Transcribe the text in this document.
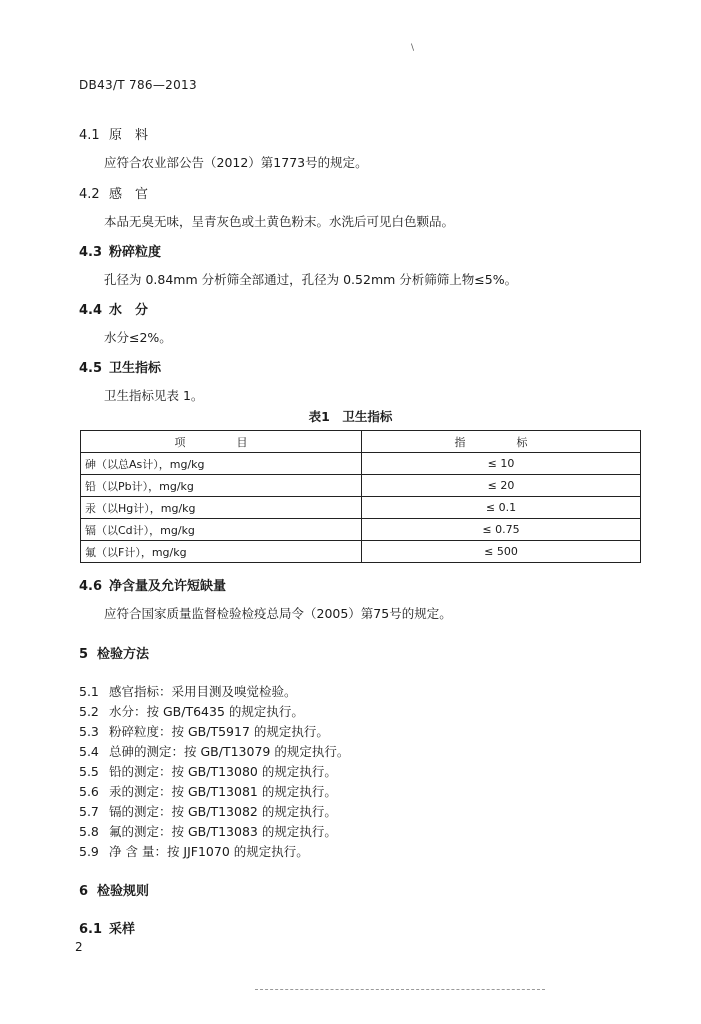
\
DB43/T 786—2013
4.1 原　料
应符合农业部公告（2012）第1773号的规定。
4.2 感　官
本品无臭无味，呈青灰色或土黄色粉末。水洗后可见白色颗品。
4.3 粉碎粒度
孔径为 0.84mm 分析筛全部通过，孔径为 0.52mm 分析筛筛上物≤5%。
4.4 水　分
水分≤2%。
4.5 卫生指标
卫生指标见表 1。
表1　卫生指标
项　目	指　标
砷（以总As计），mg/kg	≤ 10
铅（以Pb计），mg/kg	≤ 20
汞（以Hg计），mg/kg	≤ 0.1
镉（以Cd计），mg/kg	≤ 0.75
氟（以F计），mg/kg	≤ 500
4.6 净含量及允许短缺量
应符合国家质量监督检验检疫总局令（2005）第75号的规定。
5 检验方法
5.1 感官指标：采用目测及嗅觉检验。
5.2 水分：按 GB/T6435 的规定执行。
5.3 粉碎粒度：按 GB/T5917 的规定执行。
5.4 总砷的测定：按 GB/T13079 的规定执行。
5.5 铅的测定：按 GB/T13080 的规定执行。
5.6 汞的测定：按 GB/T13081 的规定执行。
5.7 镉的测定：按 GB/T13082 的规定执行。
5.8 氟的测定：按 GB/T13083 的规定执行。
5.9 净 含 量：按 JJF1070 的规定执行。
6 检验规则
6.1 采样
2
